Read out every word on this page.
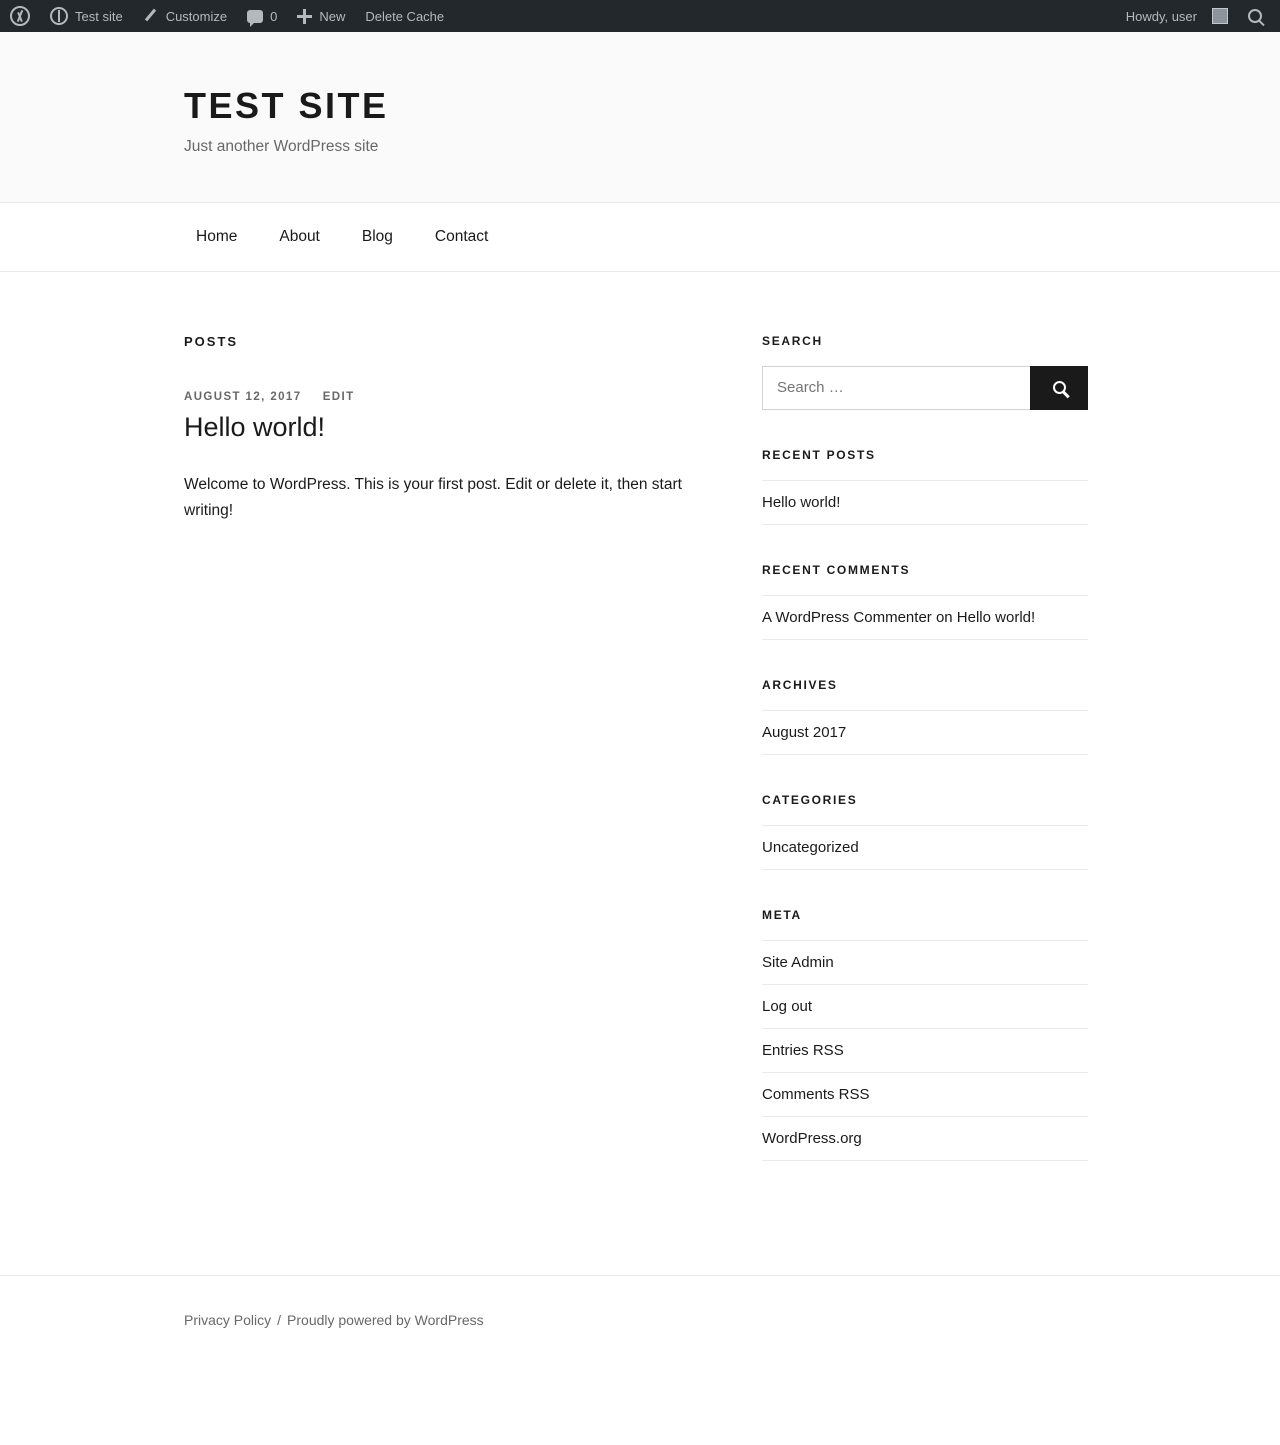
Test site	Customize	0	New Delete Cache	Howdy, user
TEST SITE

Just another WordPress site

Home	About	Blog	Contact
POSTS
AUGUST 12, 2017 EDIT
Hello world!

Welcome to WordPress. This is your first post. Edit or delete it, then start writing!

SEARCH
Search …
RECENT POSTS
Hello world!
RECENT COMMENTS
A WordPress Commenter on Hello world!
ARCHIVES
August 2017
CATEGORIES
Uncategorized
META
Site Admin
Log out
Entries RSS
Comments RSS
WordPress.org
Privacy Policy / Proudly powered by WordPress
